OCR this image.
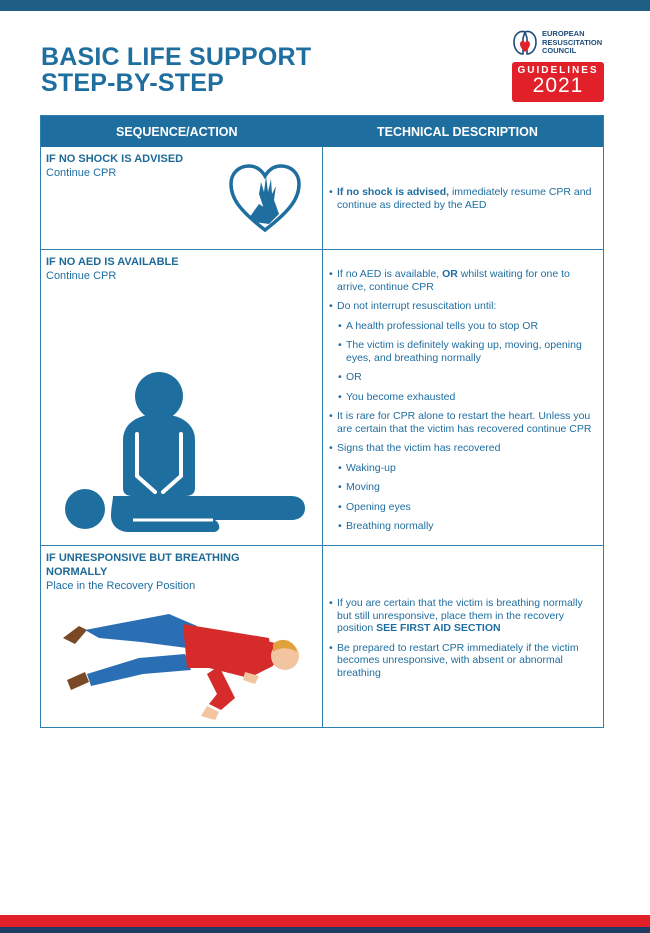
BASIC LIFE SUPPORT
STEP-BY-STEP
EUROPEAN
RESUSCITATION
COUNCIL
GUIDELINES
2021
SEQUENCE/ACTION	TECHNICAL DESCRIPTION
IF NO SHOCK IS ADVISED
Continue CPR
• If no shock is advised, immediately resume CPR and continue as directed by the AED
IF NO AED IS AVAILABLE
Continue CPR
•	If no AED is available, OR whilst waiting for one to arrive, continue CPR
• Do not interrupt resuscitation until:
• A health professional tells you to stop OR
• The victim is definitely waking up, moving, opening eyes, and breathing normally
• OR
• You become exhausted
• It is rare for CPR alone to restart the heart. Unless you are certain that the victim has recovered continue CPR
• Signs that the victim has recovered
• Waking-up
• Moving
• Opening eyes
• Breathing normally
IF UNRESPONSIVE BUT BREATHING NORMALLY
Place in the Recovery Position
• If you are certain that the victim is breathing normally but still unresponsive, place them in the recovery position SEE FIRST AID SECTION
• Be prepared to restart CPR immediately if the victim becomes unresponsive, with absent or abnormal breathing
